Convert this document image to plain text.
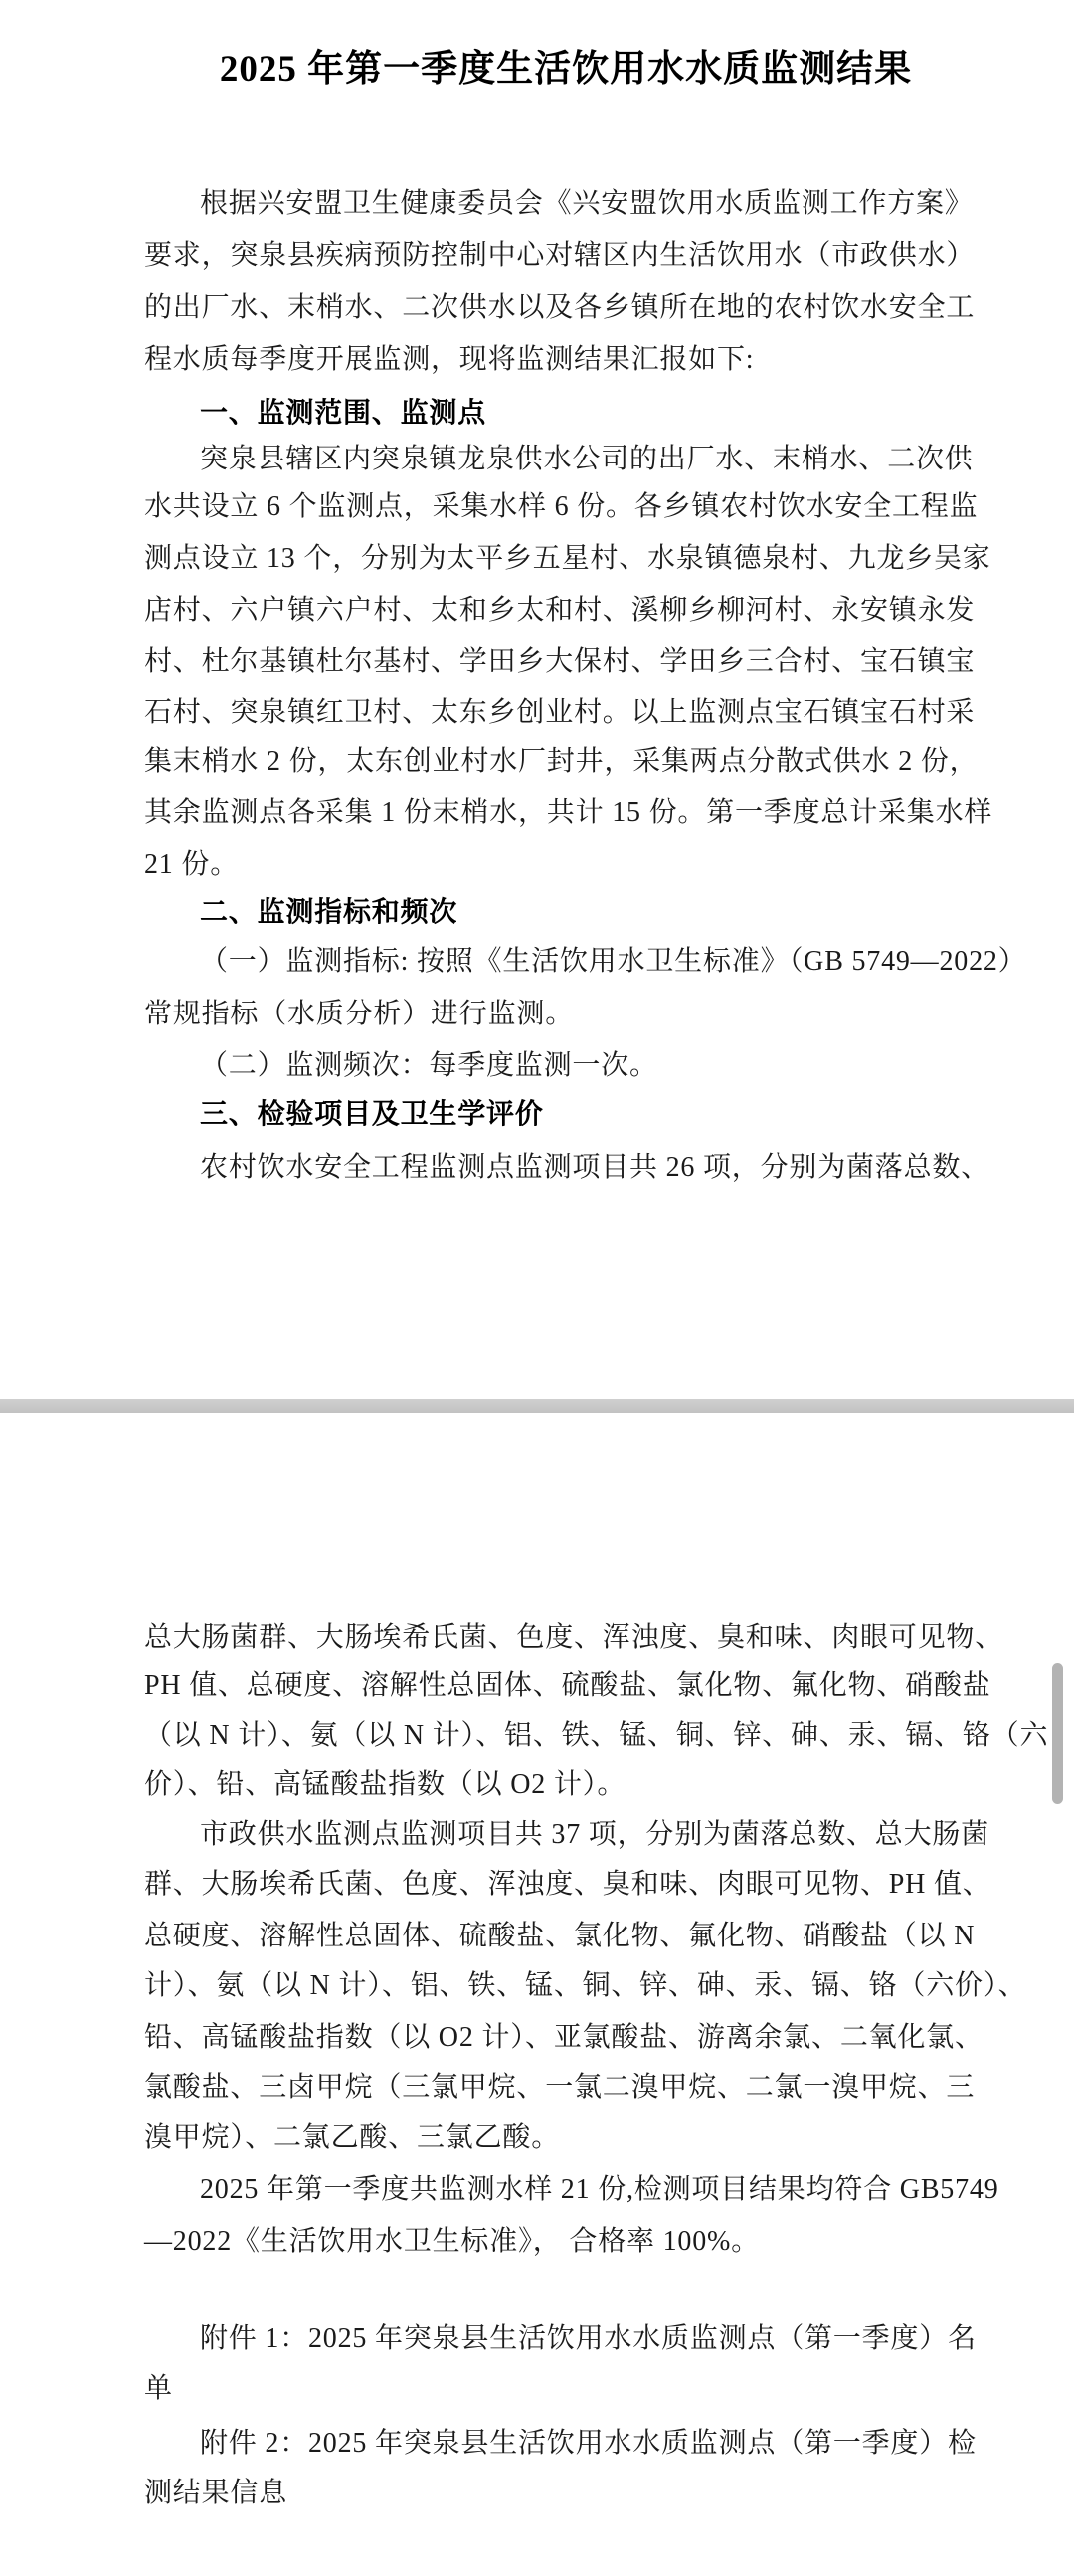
2025 年第一季度生活饮用水水质监测结果
根据兴安盟卫生健康委员会《兴安盟饮用水质监测工作方案》
要求，突泉县疾病预防控制中心对辖区内生活饮用水（市政供水）
的出厂水、末梢水、二次供水以及各乡镇所在地的农村饮水安全工
程水质每季度开展监测，现将监测结果汇报如下:
一、监测范围、监测点
突泉县辖区内突泉镇龙泉供水公司的出厂水、末梢水、二次供
水共设立 6 个监测点，采集水样 6 份。各乡镇农村饮水安全工程监
测点设立 13 个，分别为太平乡五星村、水泉镇德泉村、九龙乡吴家
店村、六户镇六户村、太和乡太和村、溪柳乡柳河村、永安镇永发
村、杜尔基镇杜尔基村、学田乡大保村、学田乡三合村、宝石镇宝
石村、突泉镇红卫村、太东乡创业村。以上监测点宝石镇宝石村采
集末梢水 2 份，太东创业村水厂封井，采集两点分散式供水 2 份，
其余监测点各采集 1 份末梢水，共计 15 份。第一季度总计采集水样
21 份。
二、监测指标和频次
（一）监测指标: 按照《生活饮用水卫生标准》（GB 5749—2022）
常规指标（水质分析）进行监测。
（二）监测频次：每季度监测一次。
三、检验项目及卫生学评价
农村饮水安全工程监测点监测项目共 26 项，分别为菌落总数、
总大肠菌群、大肠埃希氏菌、色度、浑浊度、臭和味、肉眼可见物、
PH 值、总硬度、溶解性总固体、硫酸盐、氯化物、氟化物、硝酸盐
（以 N 计）、氨（以 N 计）、铝、铁、锰、铜、锌、砷、汞、镉、铬（六
价）、铅、高锰酸盐指数（以 O2 计）。
市政供水监测点监测项目共 37 项，分别为菌落总数、总大肠菌
群、大肠埃希氏菌、色度、浑浊度、臭和味、肉眼可见物、PH 值、
总硬度、溶解性总固体、硫酸盐、氯化物、氟化物、硝酸盐（以 N
计）、氨（以 N 计）、铝、铁、锰、铜、锌、砷、汞、镉、铬（六价）、
铅、高锰酸盐指数（以 O2 计）、亚氯酸盐、游离余氯、二氧化氯、
氯酸盐、三卤甲烷（三氯甲烷、一氯二溴甲烷、二氯一溴甲烷、三
溴甲烷）、二氯乙酸、三氯乙酸。
2025 年第一季度共监测水样 21 份,检测项目结果均符合 GB5749
—2022《生活饮用水卫生标准》， 合格率 100%。
附件 1：2025 年突泉县生活饮用水水质监测点（第一季度）名
单
附件 2：2025 年突泉县生活饮用水水质监测点（第一季度）检
测结果信息
